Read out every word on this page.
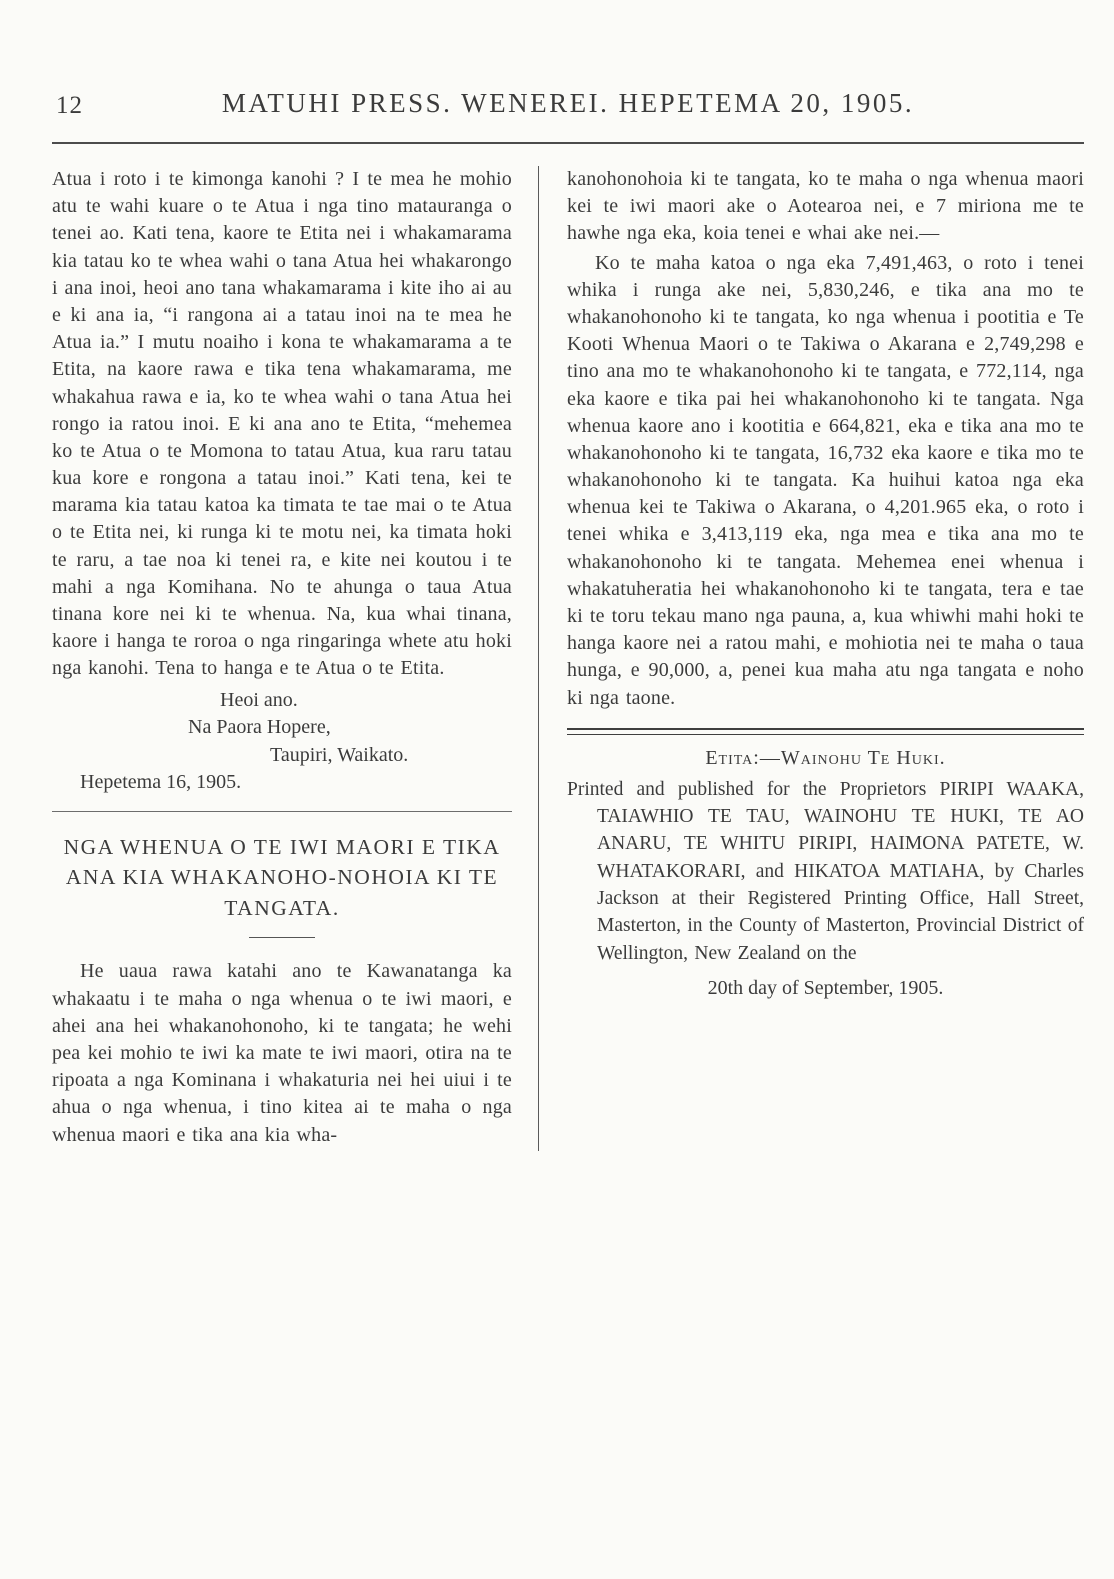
12	MATUHI PRESS. WENEREI. HEPETEMA 20, 1905.

Atua i roto i te kimonga kanohi ? I te mea he mohio atu te wahi kuare o te Atua i nga tino matauranga o tenei ao. Kati tena, kaore te Etita nei i whakamarama kia tatau ko te whea wahi o tana Atua hei whakarongo i ana inoi, heoi ano tana whakamarama i kite iho ai au e ki ana ia, “i rangona ai a tatau inoi na te mea he Atua ia.” I mutu noaiho i kona te whakamarama a te Etita, na kaore rawa e tika tena whakamarama, me whakahua rawa e ia, ko te whea wahi o tana Atua hei rongo ia ratou inoi. E ki ana ano te Etita, “mehemea ko te Atua o te Momona to tatau Atua, kua raru tatau kua kore e rongona a tatau inoi.” Kati tena, kei te marama kia tatau katoa ka timata te tae mai o te Atua o te Etita nei, ki runga ki te motu nei, ka timata hoki te raru, a tae noa ki tenei ra, e kite nei koutou i te mahi a nga Komihana. No te ahunga o taua Atua tinana kore nei ki te whenua. Na, kua whai tinana, kaore i hanga te roroa o nga ringaringa whete atu hoki nga kanohi. Tena to hanga e te Atua o te Etita.

Heoi ano.
Na Paora Hopere,
Taupiri, Waikato.
Hepetema 16, 1905.
NGA WHENUA O TE IWI MAORI E TIKA ANA KIA WHAKANOHO-NOHOIA KI TE TANGATA.

He uaua rawa katahi ano te Kawanatanga ka whakaatu i te maha o nga whenua o te iwi maori, e ahei ana hei whakanohonoho, ki te tangata; he wehi pea kei mohio te iwi ka mate te iwi maori, otira na te ripoata a nga Kominana i whakaturia nei hei uiui i te ahua o nga whenua, i tino kitea ai te maha o nga whenua maori e tika ana kia wha-

kanohonohoia ki te tangata, ko te maha o nga whenua maori kei te iwi maori ake o Aotearoa nei, e 7 miriona me te hawhe nga eka, koia tenei e whai ake nei.—

Ko te maha katoa o nga eka 7,491,463, o roto i tenei whika i runga ake nei, 5,830,246, e tika ana mo te whakanohonoho ki te tangata, ko nga whenua i pootitia e Te Kooti Whenua Maori o te Takiwa o Akarana e 2,749,298 e tino ana mo te whakanohonoho ki te tangata, e 772,114, nga eka kaore e tika pai hei whakanohonoho ki te tangata. Nga whenua kaore ano i kootitia e 664,821, eka e tika ana mo te whakanohonoho ki te tangata, 16,732 eka kaore e tika mo te whakanohonoho ki te tangata. Ka huihui katoa nga eka whenua kei te Takiwa o Akarana, o 4,201.965 eka, o roto i tenei whika e 3,413,119 eka, nga mea e tika ana mo te whakanohonoho ki te tangata. Mehemea enei whenua i whakatuheratia hei whakanohonoho ki te tangata, tera e tae ki te toru tekau mano nga pauna, a, kua whiwhi mahi hoki te hanga kaore nei a ratou mahi, e mohiotia nei te maha o taua hunga, e 90,000, a, penei kua maha atu nga tangata e noho ki nga taone.

Etita:—Wainohu Te Huki.

Printed and published for the Proprietors PIRIPI WAAKA, TAIAWHIO TE TAU, WAINOHU TE HUKI, TE AO ANARU, TE WHITU PIRIPI, HAIMONA PATETE, W. WHATAKORARI, and HIKATOA MATIAHA, by Charles Jackson at their Registered Printing Office, Hall Street, Masterton, in the County of Masterton, Provincial District of Wellington, New Zealand on the

20th day of September, 1905.
